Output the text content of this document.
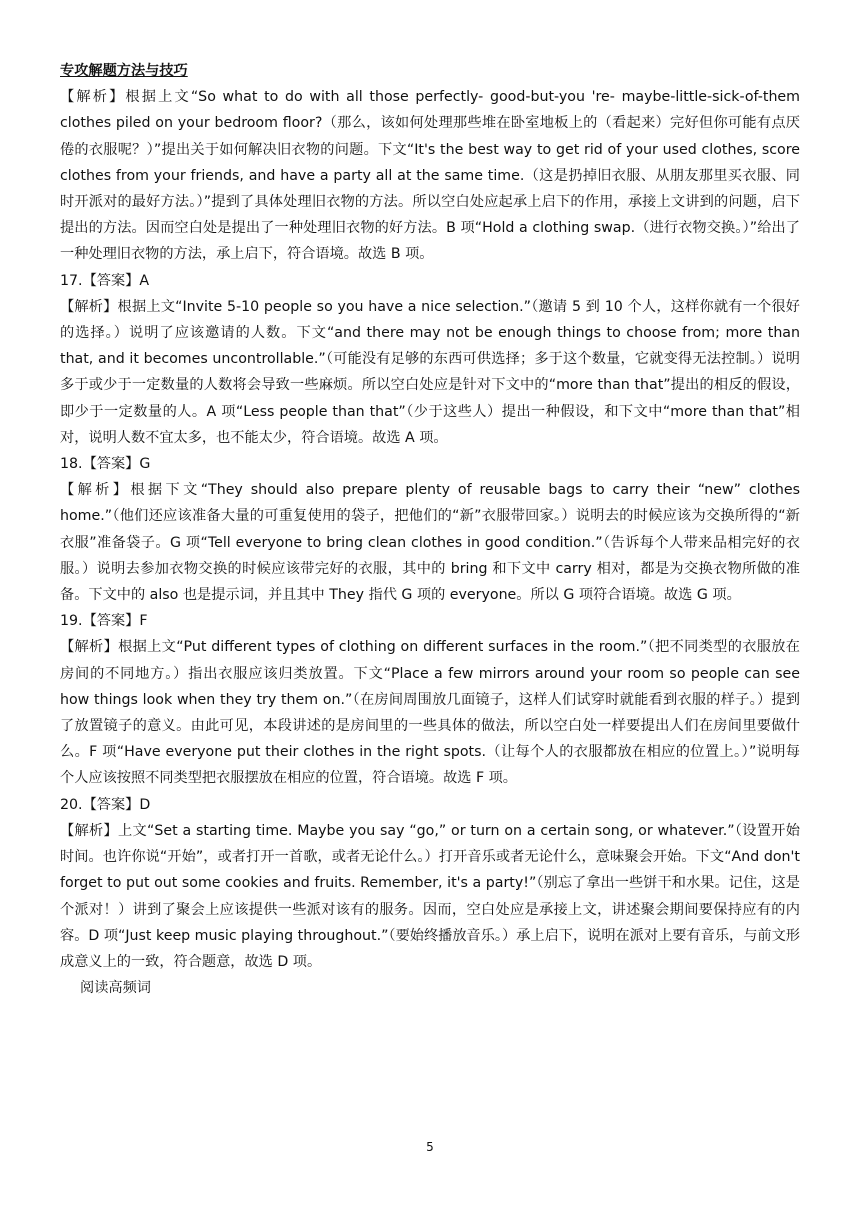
专攻解题方法与技巧

【解析】根据上文“So what to do with all those perfectly- good-but-you 're- maybe-little-sick-of-them clothes piled on your bedroom floor?（那么，该如何处理那些堆在卧室地板上的（看起来）完好但你可能有点厌倦的衣服呢？）”提出关于如何解决旧衣物的问题。下文“It's the best way to get rid of your used clothes, score clothes from your friends, and have a party all at the same time.（这是扔掉旧衣服、从朋友那里买衣服、同时开派对的最好方法。）”提到了具体处理旧衣物的方法。所以空白处应起承上启下的作用，承接上文讲到的问题，启下提出的方法。因而空白处是提出了一种处理旧衣物的好方法。B 项“Hold a clothing swap.（进行衣物交换。）”给出了一种处理旧衣物的方法，承上启下，符合语境。故选 B 项。

17.【答案】A

【解析】根据上文“Invite 5-10 people so you have a nice selection.”（邀请 5 到 10 个人，这样你就有一个很好的选择。）说明了应该邀请的人数。下文“and there may not be enough things to choose from; more than that, and it becomes uncontrollable.”（可能没有足够的东西可供选择；多于这个数量，它就变得无法控制。）说明多于或少于一定数量的人数将会导致一些麻烦。所以空白处应是针对下文中的“more than that”提出的相反的假设，即少于一定数量的人。A 项“Less people than that”（少于这些人）提出一种假设，和下文中“more than that”相对，说明人数不宜太多，也不能太少，符合语境。故选 A 项。

18.【答案】G

【解析】根据下文“They should also prepare plenty of reusable bags to carry their “new” clothes home.”（他们还应该准备大量的可重复使用的袋子，把他们的“新”衣服带回家。）说明去的时候应该为交换所得的“新衣服”准备袋子。G 项“Tell everyone to bring clean clothes in good condition.”（告诉每个人带来品相完好的衣服。）说明去参加衣物交换的时候应该带完好的衣服，其中的 bring 和下文中 carry 相对，都是为交换衣物所做的准备。下文中的 also 也是提示词，并且其中 They 指代 G 项的 everyone。所以 G 项符合语境。故选 G 项。

19.【答案】F

【解析】根据上文“Put different types of clothing on different surfaces in the room.”（把不同类型的衣服放在房间的不同地方。）指出衣服应该归类放置。下文“Place a few mirrors around your room so people can see how things look when they try them on.”（在房间周围放几面镜子，这样人们试穿时就能看到衣服的样子。）提到了放置镜子的意义。由此可见，本段讲述的是房间里的一些具体的做法，所以空白处一样要提出人们在房间里要做什么。F 项“Have everyone put their clothes in the right spots.（让每个人的衣服都放在相应的位置上。）”说明每个人应该按照不同类型把衣服摆放在相应的位置，符合语境。故选 F 项。

20.【答案】D

【解析】上文“Set a starting time. Maybe you say “go,” or turn on a certain song, or whatever.”（设置开始时间。也许你说“开始”，或者打开一首歌，或者无论什么。）打开音乐或者无论什么，意味聚会开始。下文“And don't forget to put out some cookies and fruits. Remember, it's a party!”（别忘了拿出一些饼干和水果。记住，这是个派对！）讲到了聚会上应该提供一些派对该有的服务。因而，空白处应是承接上文，讲述聚会期间要保持应有的内容。D 项“Just keep music playing throughout.”（要始终播放音乐。）承上启下，说明在派对上要有音乐，与前文形成意义上的一致，符合题意，故选 D 项。

阅读高频词

5
